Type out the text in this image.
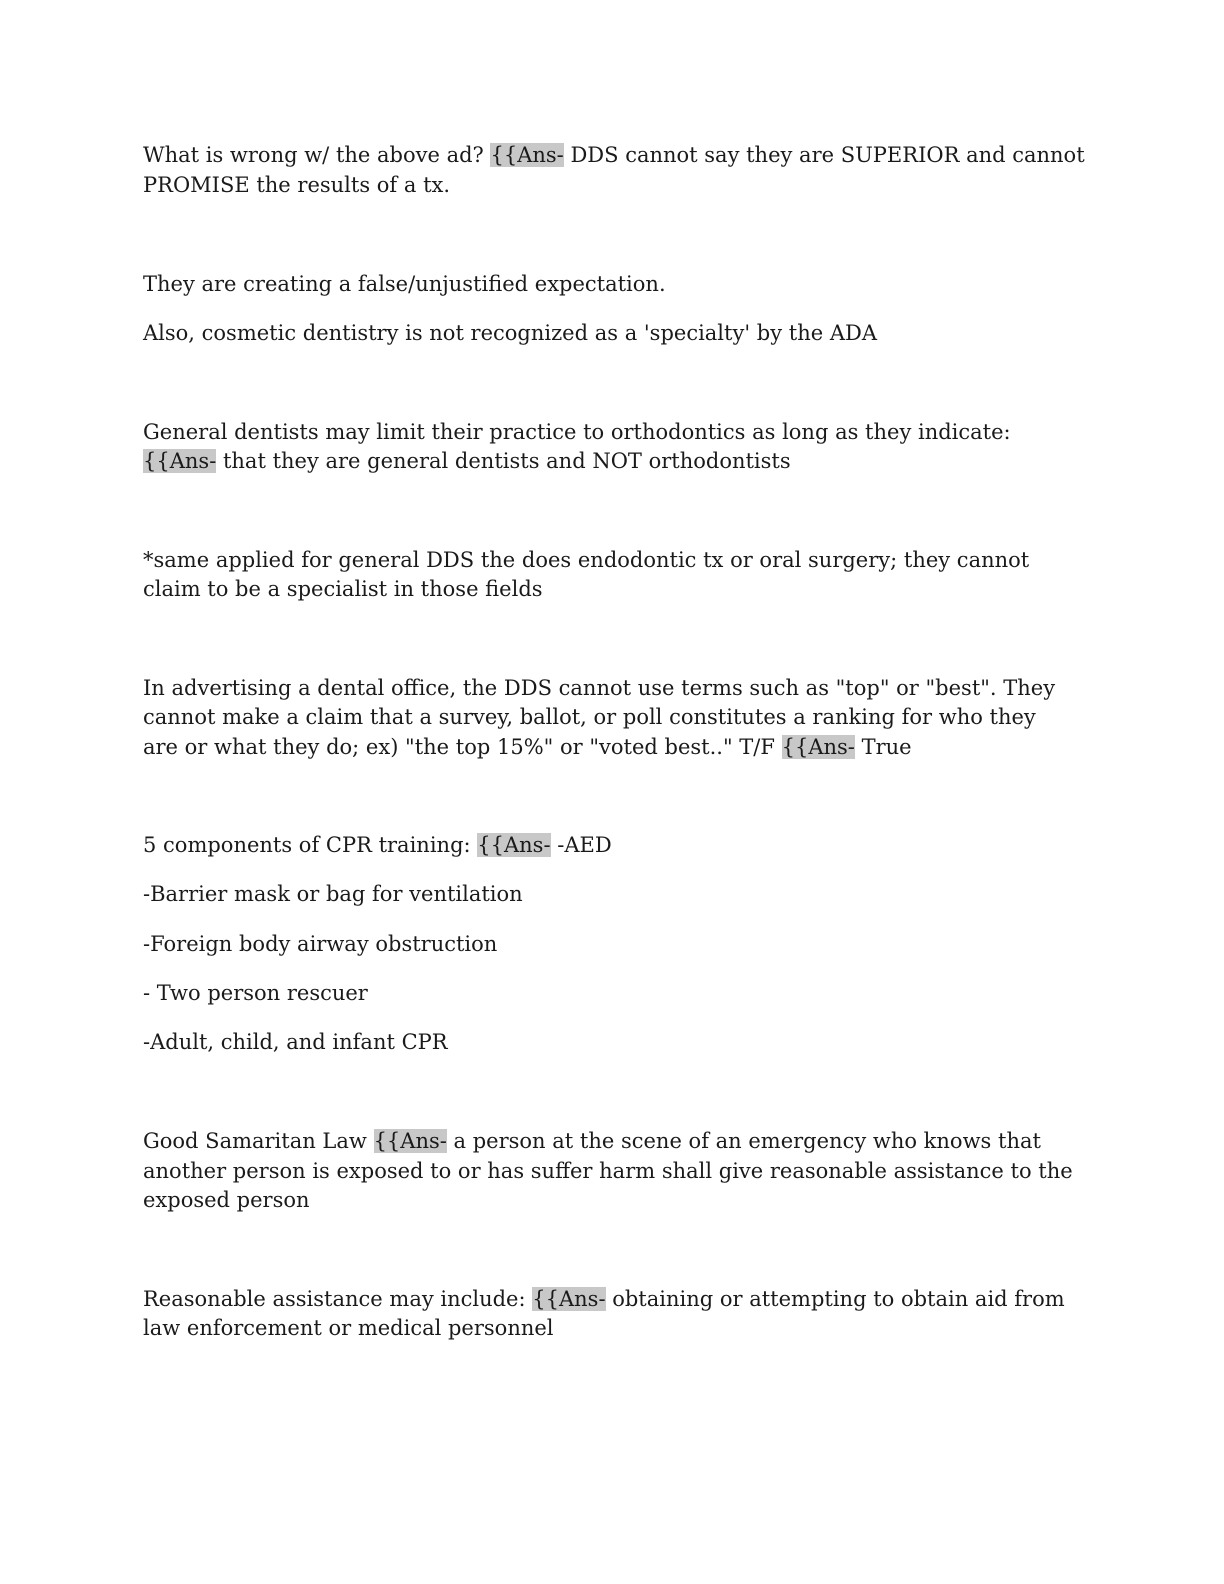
What is wrong w/ the above ad? {{Ans- DDS cannot say they are SUPERIOR and cannot
PROMISE the results of a tx.
They are creating a false/unjustified expectation.
Also, cosmetic dentistry is not recognized as a 'specialty' by the ADA
General dentists may limit their practice to orthodontics as long as they indicate:
{{Ans- that they are general dentists and NOT orthodontists
*same applied for general DDS the does endodontic tx or oral surgery; they cannot
claim to be a specialist in those fields
In advertising a dental office, the DDS cannot use terms such as "top" or "best". They
cannot make a claim that a survey, ballot, or poll constitutes a ranking for who they
are or what they do; ex) "the top 15%" or "voted best.." T/F {{Ans- True
5 components of CPR training: {{Ans- -AED
-Barrier mask or bag for ventilation
-Foreign body airway obstruction
- Two person rescuer
-Adult, child, and infant CPR
Good Samaritan Law {{Ans- a person at the scene of an emergency who knows that
another person is exposed to or has suffer harm shall give reasonable assistance to the
exposed person
Reasonable assistance may include: {{Ans- obtaining or attempting to obtain aid from
law enforcement or medical personnel
